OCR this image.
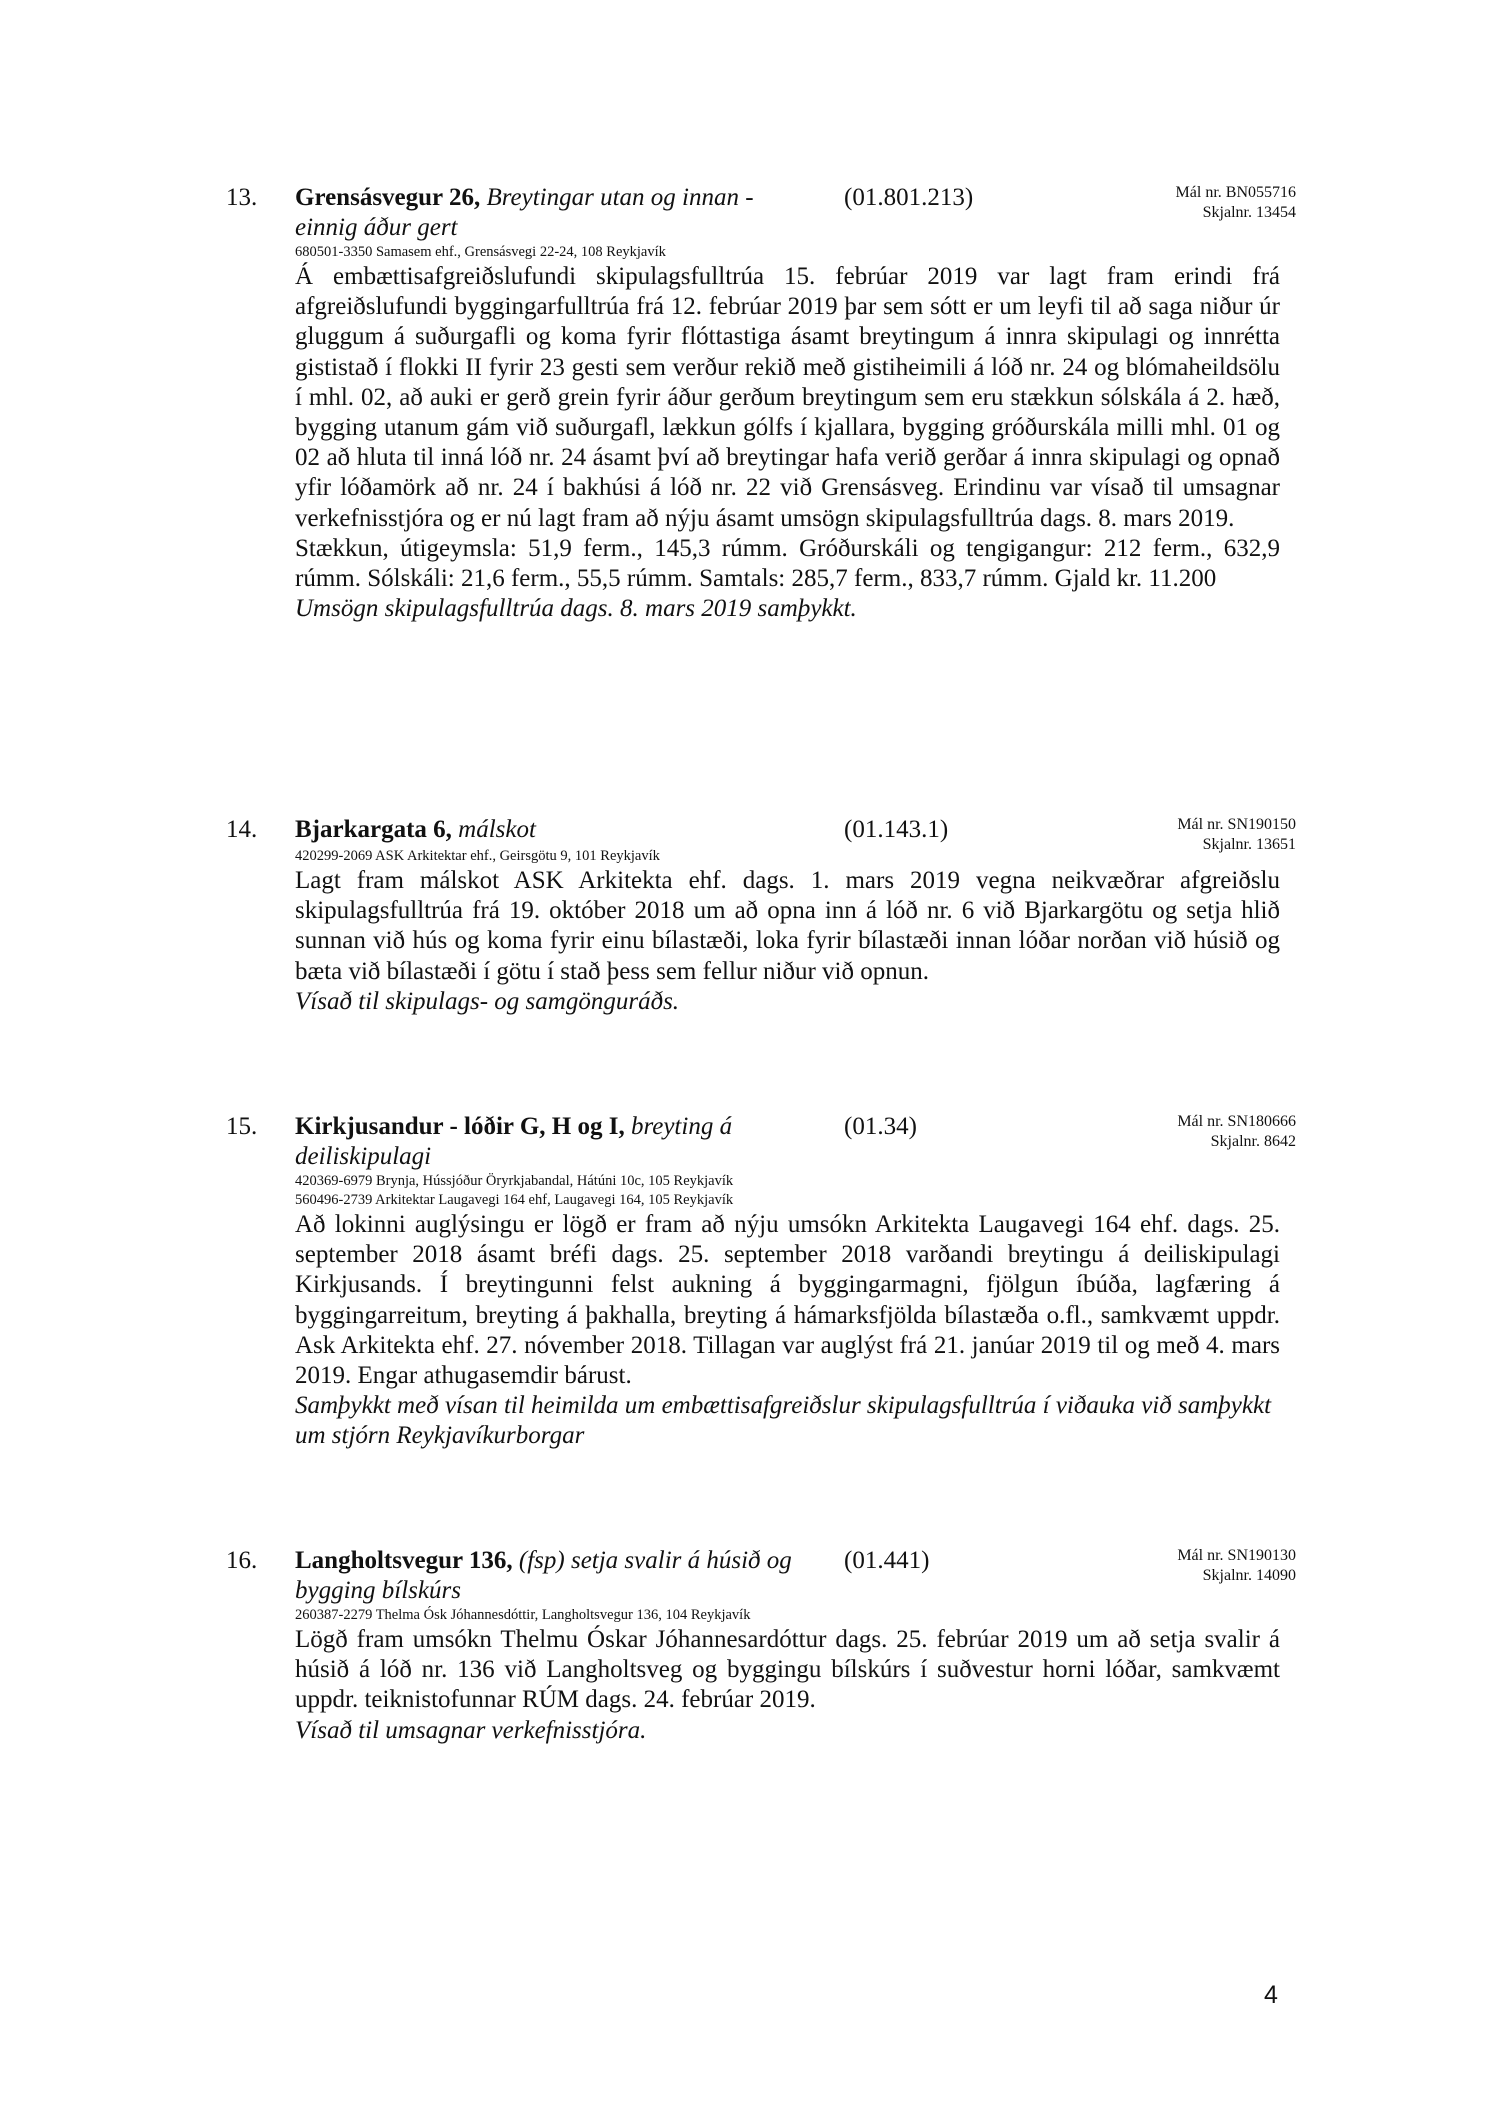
13. Grensásvegur 26, Breytingar utan og innan - einnig áður gert
(01.801.213)	Mál nr. BN055716
Skjalnr. 13454
680501-3350 Samasem ehf., Grensásvegi 22-24, 108 Reykjavík
Á embættisafgreiðslufundi skipulagsfulltrúa 15. febrúar 2019 var lagt fram erindi frá afgreiðslufundi byggingarfulltrúa frá 12. febrúar 2019 þar sem sótt er um leyfi til að saga niður úr gluggum á suðurgafli og koma fyrir flóttastiga ásamt breytingum á innra skipulagi og innrétta gististað í flokki II fyrir 23 gesti sem verður rekið með gistiheimili á lóð nr. 24 og blómaheildsölu í mhl. 02, að auki er gerð grein fyrir áður gerðum breytingum sem eru stækkun sólskála á 2. hæð, bygging utanum gám við suðurgafl, lækkun gólfs í kjallara, bygging gróðurskála milli mhl. 01 og 02 að hluta til inná lóð nr. 24 ásamt því að breytingar hafa verið gerðar á innra skipulagi og opnað yfir lóðamörk að nr. 24 í bakhúsi á lóð nr. 22 við Grensásveg. Erindinu var vísað til umsagnar verkefnisstjóra og er nú lagt fram að nýju ásamt umsögn skipulagsfulltrúa dags. 8. mars 2019.
Stækkun, útigeymsla: 51,9 ferm., 145,3 rúmm. Gróðurskáli og tengigangur: 212 ferm., 632,9 rúmm. Sólskáli: 21,6 ferm., 55,5 rúmm. Samtals: 285,7 ferm., 833,7 rúmm. Gjald kr. 11.200
Umsögn skipulagsfulltrúa dags. 8. mars 2019 samþykkt.
14. Bjarkargata 6, málskot	(01.143.1)	Mál nr. SN190150
Skjalnr. 13651
420299-2069 ASK Arkitektar ehf., Geirsgötu 9, 101 Reykjavík
Lagt fram málskot ASK Arkitekta ehf. dags. 1. mars 2019 vegna neikvæðrar afgreiðslu skipulagsfulltrúa frá 19. október 2018 um að opna inn á lóð nr. 6 við Bjarkargötu og setja hlið sunnan við hús og koma fyrir einu bílastæði, loka fyrir bílastæði innan lóðar norðan við húsið og bæta við bílastæði í götu í stað þess sem fellur niður við opnun.
Vísað til skipulags- og samgönguráðs.
15. Kirkjusandur - lóðir G, H og I, breyting á deiliskipulagi
(01.34)	Mál nr. SN180666
Skjalnr. 8642
420369-6979 Brynja, Hússjóður Öryrkjabandal, Hátúni 10c, 105 Reykjavík
560496-2739 Arkitektar Laugavegi 164 ehf, Laugavegi 164, 105 Reykjavík
Að lokinni auglýsingu er lögð er fram að nýju umsókn Arkitekta Laugavegi 164 ehf. dags. 25. september 2018 ásamt bréfi dags. 25. september 2018 varðandi breytingu á deiliskipulagi Kirkjusands. Í breytingunni felst aukning á byggingarmagni, fjölgun íbúða, lagfæring á byggingarreitum, breyting á þakhalla, breyting á hámarksfjölda bílastæða o.fl., samkvæmt uppdr. Ask Arkitekta ehf. 27. nóvember 2018. Tillagan var auglýst frá 21. janúar 2019 til og með 4. mars 2019. Engar athugasemdir bárust.
Samþykkt með vísan til heimilda um embættisafgreiðslur skipulagsfulltrúa í viðauka við samþykkt um stjórn Reykjavíkurborgar
16. Langholtsvegur 136, (fsp) setja svalir á húsið og bygging bílskúrs
(01.441)	Mál nr. SN190130
Skjalnr. 14090
260387-2279 Thelma Ósk Jóhannesdóttir, Langholtsvegur 136, 104 Reykjavík
Lögð fram umsókn Thelmu Óskar Jóhannesardóttur dags. 25. febrúar 2019 um að setja svalir á húsið á lóð nr. 136 við Langholtsveg og byggingu bílskúrs í suðvestur horni lóðar, samkvæmt uppdr. teiknistofunnar RÚM dags. 24. febrúar 2019.
Vísað til umsagnar verkefnisstjóra.
4
